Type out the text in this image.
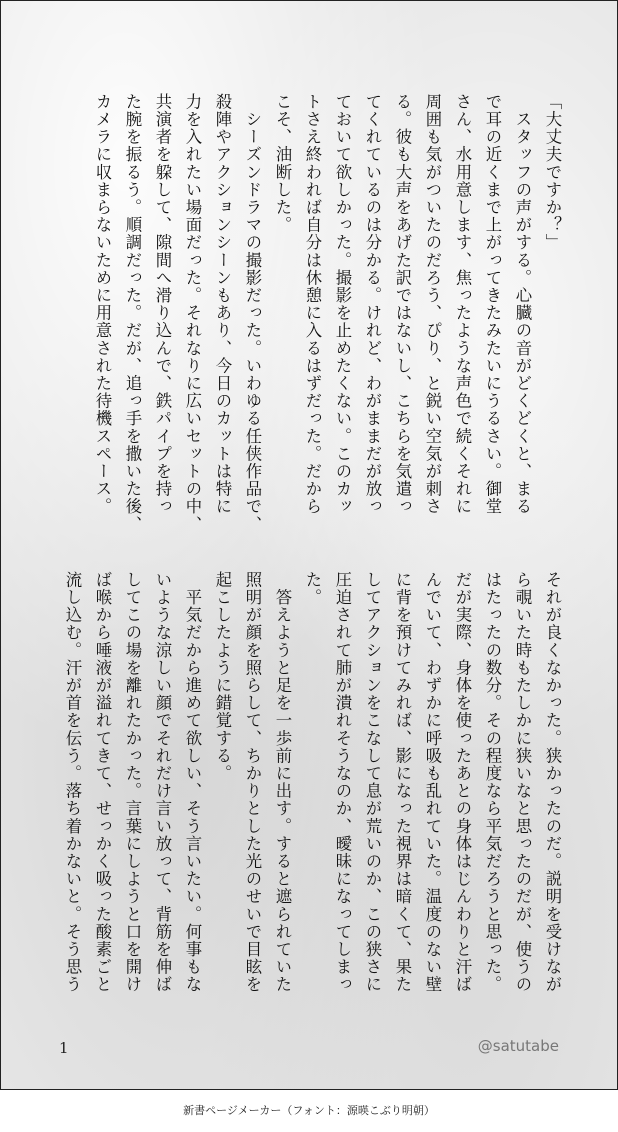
「大丈夫ですか？」
　スタッフの声がする。心臓の音がどくどくと、まる
で耳の近くまで上がってきたみたいにうるさい。御堂
さん、水用意します、焦ったような声色で続くそれに
周囲も気がついたのだろう、ぴり、と鋭い空気が刺さ
る。彼も大声をあげた訳ではないし、こちらを気遣っ
てくれているのは分かる。けれど、わがままだが放っ
ておいて欲しかった。撮影を止めたくない。このカッ
トさえ終われば自分は休憩に入るはずだった。だから
こそ、油断した。
　シーズンドラマの撮影だった。いわゆる任侠作品で、
殺陣やアクションシーンもあり、今日のカットは特に
力を入れたい場面だった。それなりに広いセットの中、
共演者を躱して、隙間へ滑り込んで、鉄パイプを持っ
た腕を振るう。順調だった。だが、追っ手を撒いた後、
カメラに収まらないために用意された待機スペース。
それが良くなかった。狭かったのだ。説明を受けなが
ら覗いた時もたしかに狭いなと思ったのだが、使うの
はたったの数分。その程度なら平気だろうと思った。
だが実際、身体を使ったあとの身体はじんわりと汗ば
んでいて、わずかに呼吸も乱れていた。温度のない壁
に背を預けてみれば、影になった視界は暗くて、果た
してアクションをこなして息が荒いのか、この狭さに
圧迫されて肺が潰れそうなのか、曖昧になってしまっ
た。
　答えようと足を一歩前に出す。すると遮られていた
照明が顔を照らして、ちかりとした光のせいで目眩を
起こしたように錯覚する。
　平気だから進めて欲しい、そう言いたい。何事もな
いような涼しい顔でそれだけ言い放って、背筋を伸ば
してこの場を離れたかった。言葉にしようと口を開け
ば喉から唾液が溢れてきて、せっかく吸った酸素ごと
流し込む。汗が首を伝う。落ち着かないと。そう思う
1	@satutabe
新書ページメーカー（フォント：源暎こぶり明朝）
